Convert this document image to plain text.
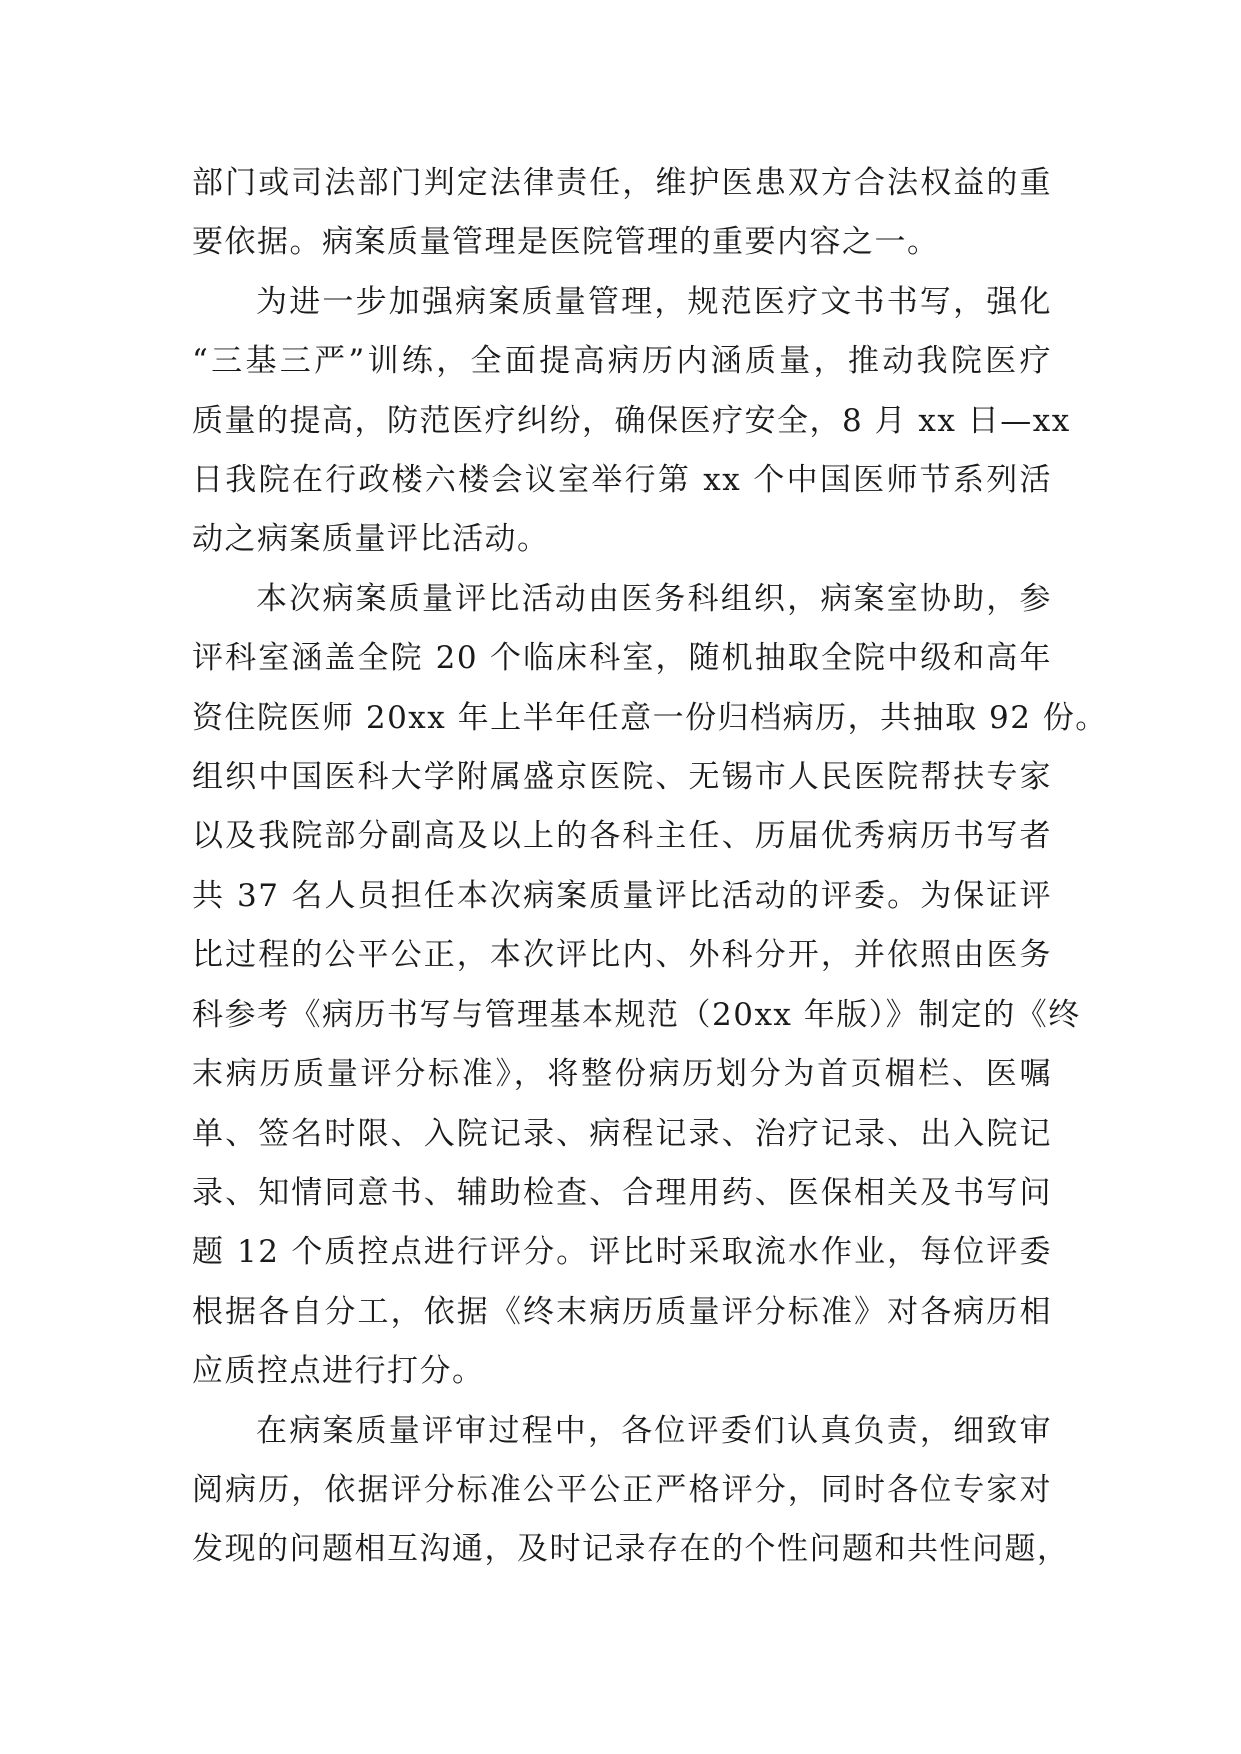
部门或司法部门判定法律责任，维护医患双方合法权益的重
要依据。病案质量管理是医院管理的重要内容之一。

为进一步加强病案质量管理，规范医疗文书书写，强化
“三基三严”训练，全面提高病历内涵质量，推动我院医疗
质量的提高，防范医疗纠纷，确保医疗安全，8 月 xx 日—xx
日我院在行政楼六楼会议室举行第 xx 个中国医师节系列活
动之病案质量评比活动。

本次病案质量评比活动由医务科组织，病案室协助，参
评科室涵盖全院 20 个临床科室，随机抽取全院中级和高年
资住院医师 20xx 年上半年任意一份归档病历，共抽取 92 份。
组织中国医科大学附属盛京医院、无锡市人民医院帮扶专家
以及我院部分副高及以上的各科主任、历届优秀病历书写者
共 37 名人员担任本次病案质量评比活动的评委。为保证评
比过程的公平公正，本次评比内、外科分开，并依照由医务
科参考《病历书写与管理基本规范（20xx 年版）》制定的《终
末病历质量评分标准》，将整份病历划分为首页楣栏、医嘱
单、签名时限、入院记录、病程记录、治疗记录、出入院记
录、知情同意书、辅助检查、合理用药、医保相关及书写问
题 12 个质控点进行评分。评比时采取流水作业，每位评委
根据各自分工，依据《终末病历质量评分标准》对各病历相
应质控点进行打分。

在病案质量评审过程中，各位评委们认真负责，细致审
阅病历，依据评分标准公平公正严格评分，同时各位专家对
发现的问题相互沟通，及时记录存在的个性问题和共性问题，
